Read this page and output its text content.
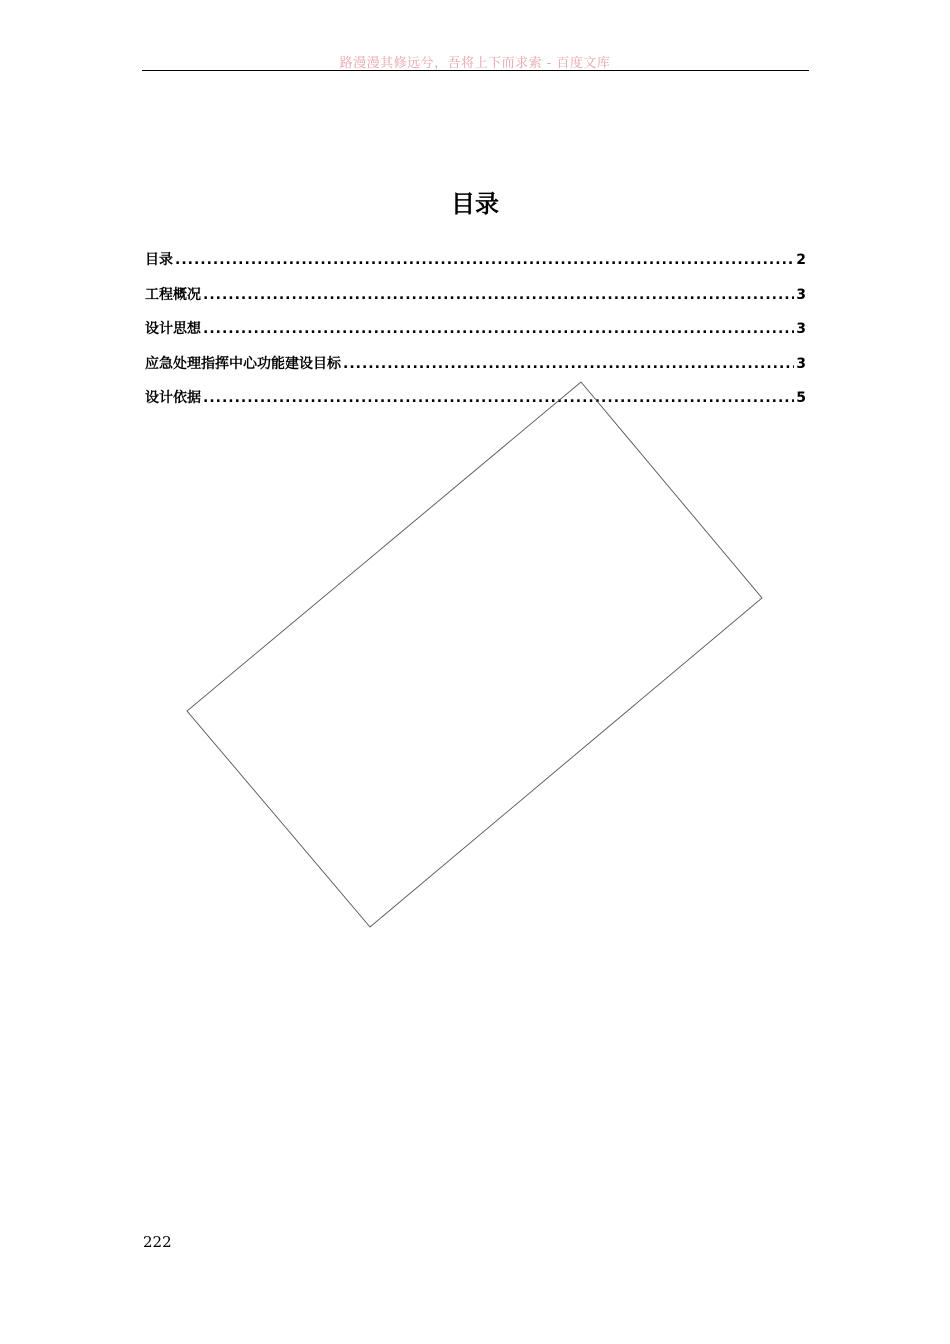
路漫漫其修远兮，吾将上下而求索 - 百度文库
目录
目录 .....	2
工程概况 .....	3
设计思想 .....	3
应急处理指挥中心功能建设目标 .....	3
设计依据 .....	5
222
